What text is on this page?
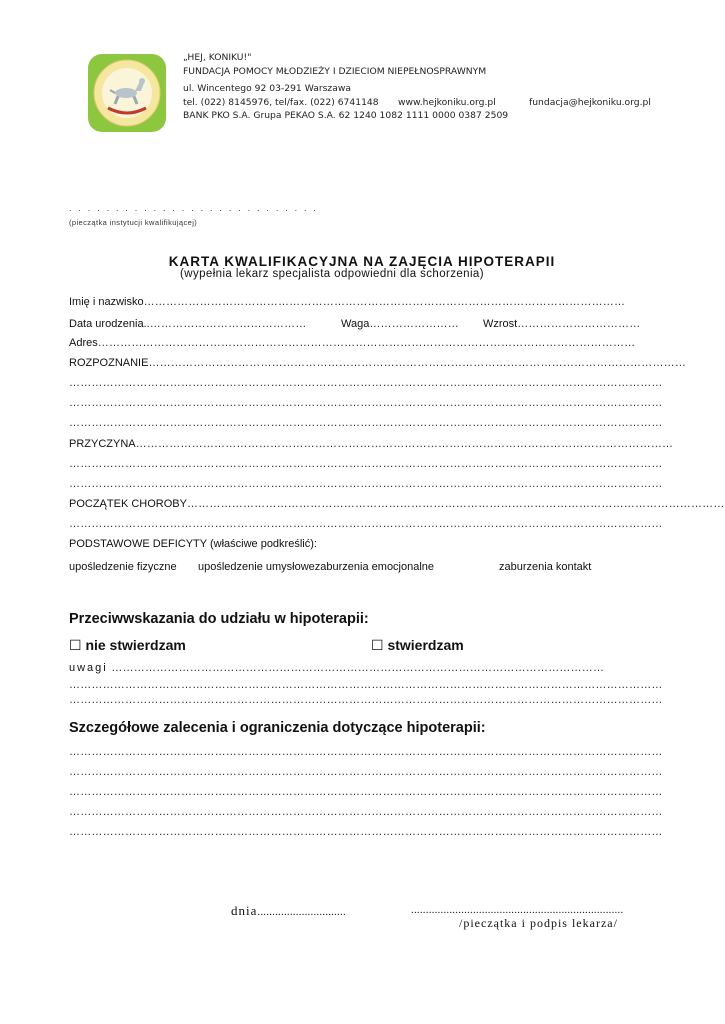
„HEJ, KONIKU!"
FUNDACJA POMOCY MŁODZIEŻY I DZIECIOM NIEPEŁNOSPRAWNYM
ul. Wincentego 92 03-291 Warszawa
tel. (022) 8145976, tel/fax. (022) 6741148 www.hejkoniku.org.pl	fundacja@hejkoniku.org.pl
BANK PKO S.A. Grupa PEKAO S.A. 62 1240 1082 1111 0000 0387 2509
. . . . . . . . . . . . . . . . . . . . . . . . . . .
(pieczątka instytucji kwalifikującej)
KARTA KWALIFIKACYJNA NA ZAJĘCIA HIPOTERAPII
(wypełnia lekarz specjalista odpowiedni dla schorzenia)
Imię i nazwisko…………………………………………………………………………………………………………………
Data urodzenia..……………………………………	Waga…………………… Wzrost……………………………
Adres………………………………………………………………………………………………………………………………
ROZPOZNANIE………………………………………………………………………………………………………………………………
……………………………………………………………………………………………………………………………………………
……………………………………………………………………………………………………………………………………………
……………………………………………………………………………………………………………………………………………
PRZYCZYNA………………………………………………………………………………………………………………………………
……………………………………………………………………………………………………………………………………………
……………………………………………………………………………………………………………………………………………
POCZĄTEK CHOROBY………………………………………………………………………………………………………………………………
……………………………………………………………………………………………………………………………………………
PODSTAWOWE DEFICYTY (właściwe podkreślić):
upośledzenie fizyczne upośledzenie umysłowezaburzenia emocjonalne	zaburzenia kontakt
Przeciwwskazania do udziału w hipoterapii:
☐ nie stwierdzam	☐ stwierdzam
uwagi ……………………………………………………………………………………………………………………
……………………………………………………………………………………………………………………………………………
……………………………………………………………………………………………………………………………………………
Szczegółowe zalecenia i ograniczenia dotyczące hipoterapii:
……………………………………………………………………………………………………………………………………………
……………………………………………………………………………………………………………………………………………
……………………………………………………………………………………………………………………………………………
……………………………………………………………………………………………………………………………………………
……………………………………………………………………………………………………………………………………………
dnia..............................	........................................................................
/pieczątka i podpis lekarza/
